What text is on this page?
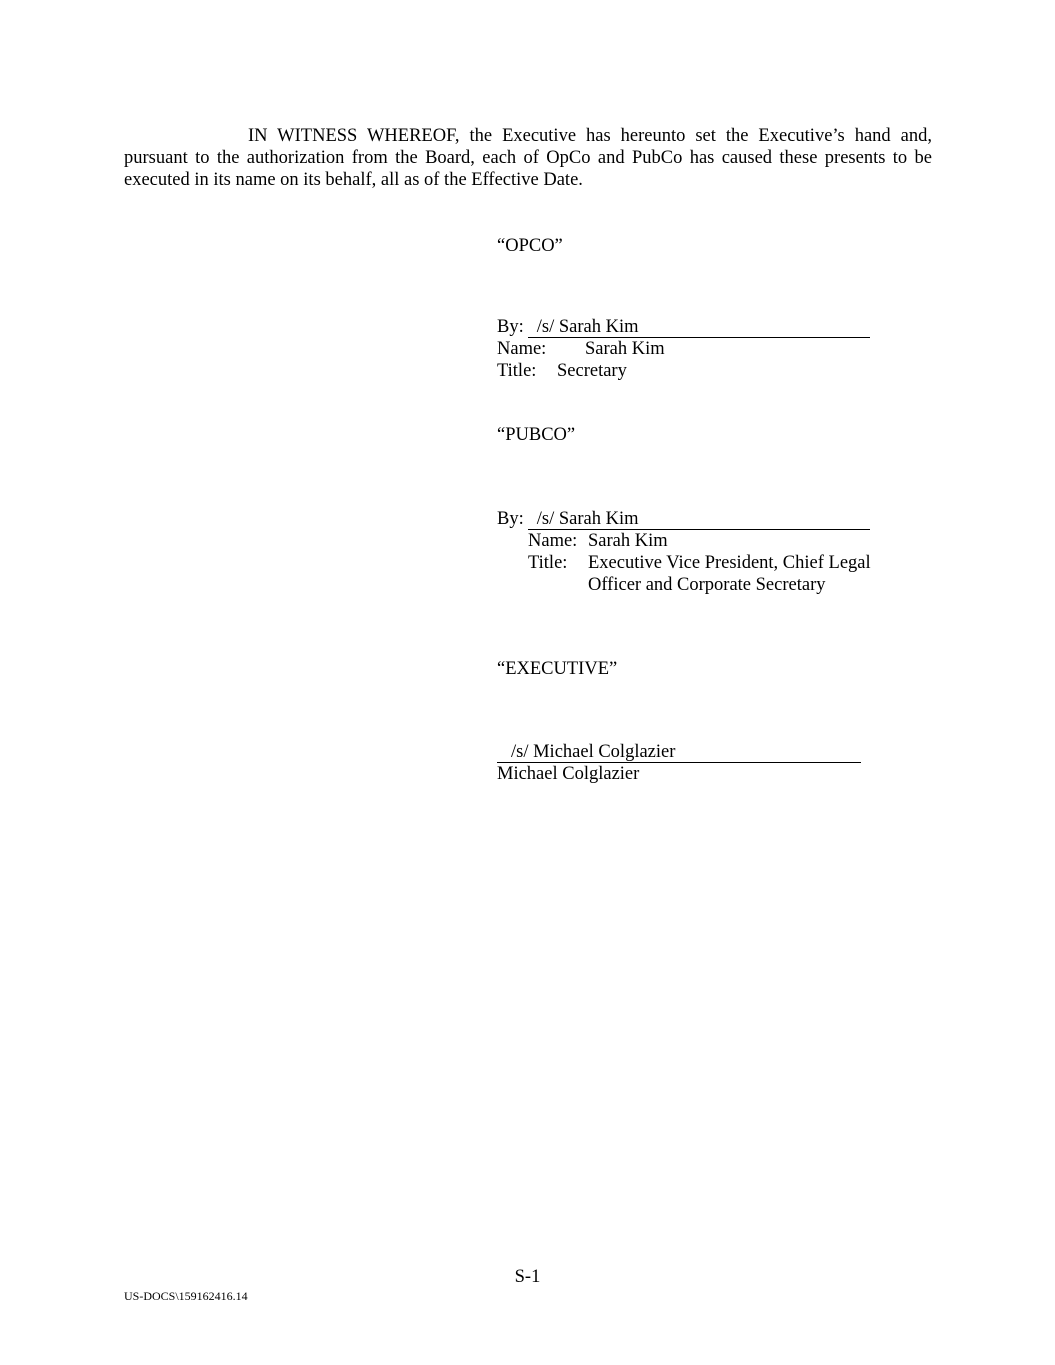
IN WITNESS WHEREOF, the Executive has hereunto set the Executive’s hand and, pursuant to the authorization from the Board, each of OpCo and PubCo has caused these presents to be executed in its name on its behalf, all as of the Effective Date.
“OPCO”
By: /s/ Sarah Kim
Name: Sarah Kim
Title: Secretary
“PUBCO”
By: /s/ Sarah Kim
Name: Sarah Kim
Title: Executive Vice President, Chief Legal
Officer and Corporate Secretary
“EXECUTIVE”
/s/ Michael Colglazier
Michael Colglazier
S-1
US-DOCS\159162416.14
